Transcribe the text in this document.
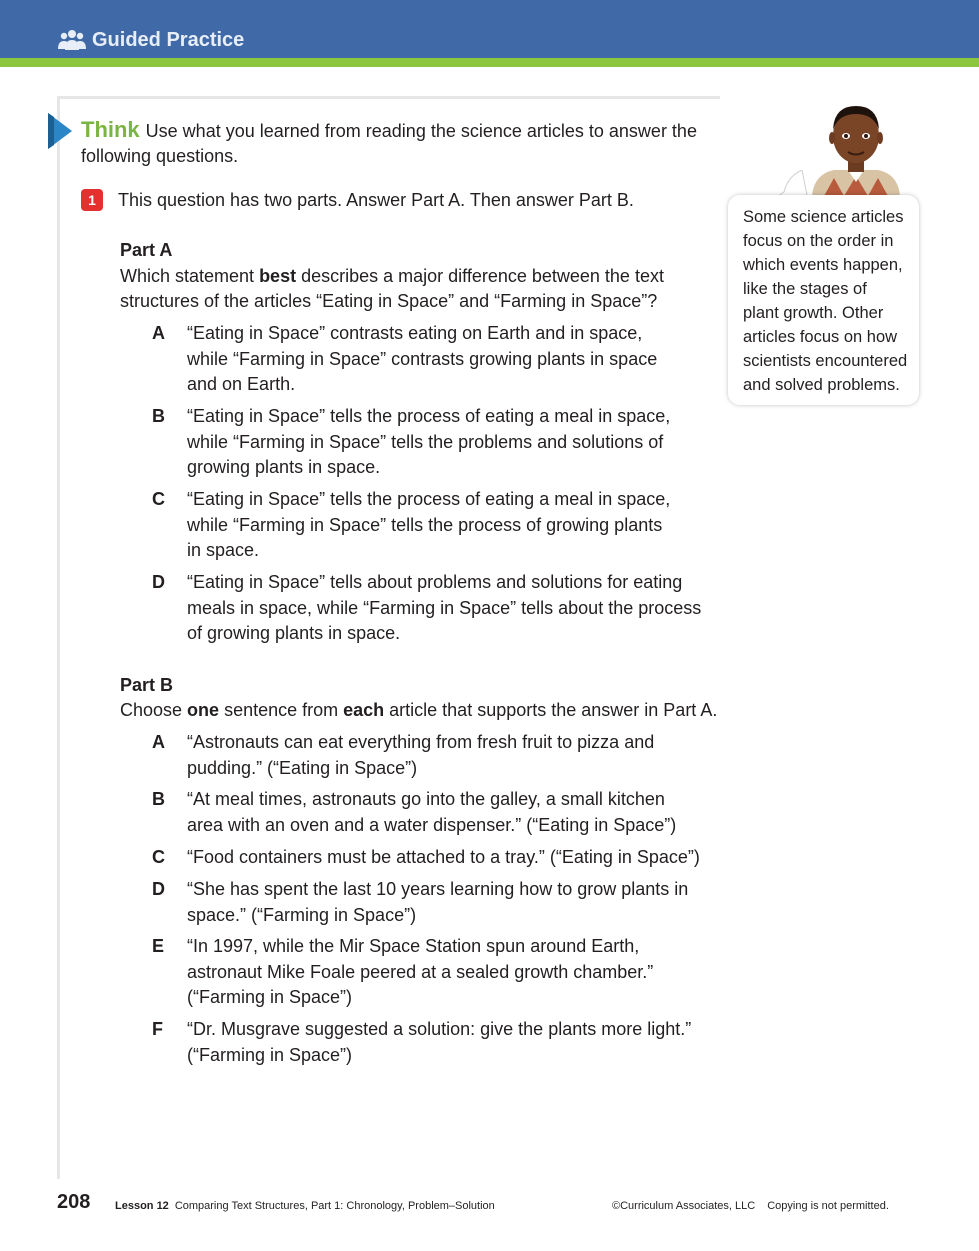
Guided Practice
Think Use what you learned from reading the science articles to answer the following questions.
1	This question has two parts. Answer Part A. Then answer Part B.
Part A
Which statement best describes a major difference between the text
structures of the articles “Eating in Space” and “Farming in Space”?
A	“Eating in Space” contrasts eating on Earth and in space,
while “Farming in Space” contrasts growing plants in space
and on Earth.
B	“Eating in Space” tells the process of eating a meal in space,
while “Farming in Space” tells the problems and solutions of
growing plants in space.
C	“Eating in Space” tells the process of eating a meal in space,
while “Farming in Space” tells the process of growing plants
in space.
D	“Eating in Space” tells about problems and solutions for eating
meals in space, while “Farming in Space” tells about the process
of growing plants in space.
Part B
Choose one sentence from each article that supports the answer in Part A.
A	“Astronauts can eat everything from fresh fruit to pizza and
pudding.” (“Eating in Space”)
B	“At meal times, astronauts go into the galley, a small kitchen
area with an oven and a water dispenser.” (“Eating in Space”)
C	“Food containers must be attached to a tray.” (“Eating in Space”)
D	“She has spent the last 10 years learning how to grow plants in
space.” (“Farming in Space”)
E	“In 1997, while the Mir Space Station spun around Earth,
astronaut Mike Foale peered at a sealed growth chamber.”
(“Farming in Space”)
F	“Dr. Musgrave suggested a solution: give the plants more light.”
(“Farming in Space”)
Some science articles
focus on the order in
which events happen,
like the stages of
plant growth. Other
articles focus on how
scientists encountered
and solved problems.
208 Lesson 12 Comparing Text Structures, Part 1: Chronology, Problem–Solution	©Curriculum Associates, LLC Copying is not permitted.
